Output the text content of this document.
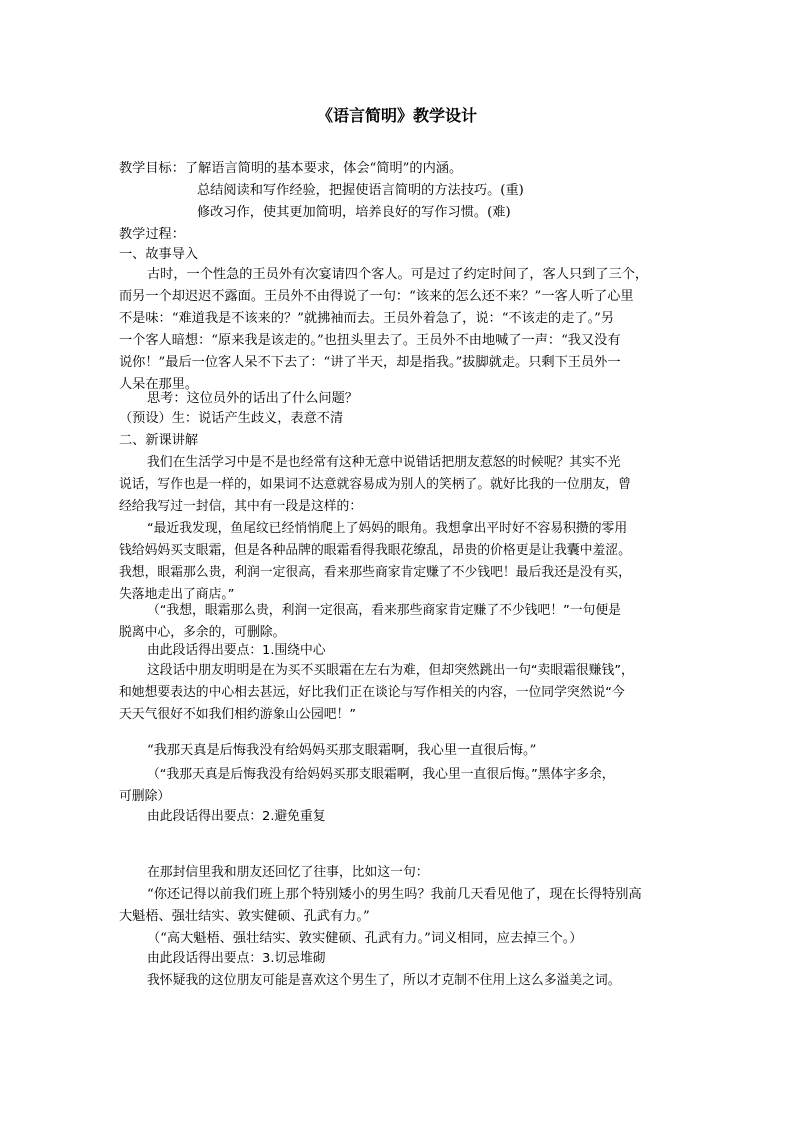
《语言简明》教学设计
教学目标：了解语言简明的基本要求，体会“简明”的内涵。
总结阅读和写作经验，把握使语言简明的方法技巧。(重)
修改习作，使其更加简明，培养良好的写作习惯。(难)
教学过程：
一、故事导入
古时，一个性急的王员外有次宴请四个客人。可是过了约定时间了，客人只到了三个，
而另一个却迟迟不露面。王员外不由得说了一句：“该来的怎么还不来？”一客人听了心里
不是味：“难道我是不该来的？”就拂袖而去。王员外着急了，说：“不该走的走了。”另
一个客人暗想：“原来我是该走的。”也扭头里去了。王员外不由地喊了一声：“我又没有
说你！”最后一位客人呆不下去了：“讲了半天，却是指我。”拔脚就走。只剩下王员外一
人呆在那里。
思考：这位员外的话出了什么问题？
（预设）生：说话产生歧义，表意不清
二、新课讲解
我们在生活学习中是不是也经常有这种无意中说错话把朋友惹怒的时候呢？其实不光
说话，写作也是一样的，如果词不达意就容易成为别人的笑柄了。就好比我的一位朋友，曾
经给我写过一封信，其中有一段是这样的：
“最近我发现，鱼尾纹已经悄悄爬上了妈妈的眼角。我想拿出平时好不容易积攒的零用
钱给妈妈买支眼霜，但是各种品牌的眼霜看得我眼花缭乱，昂贵的价格更是让我囊中羞涩。
我想，眼霜那么贵，利润一定很高，看来那些商家肯定赚了不少钱吧！最后我还是没有买，
失落地走出了商店。”
（“我想，眼霜那么贵，利润一定很高，看来那些商家肯定赚了不少钱吧！”一句便是
脱离中心，多余的，可删除。
由此段话得出要点：1.围绕中心
这段话中朋友明明是在为买不买眼霜在左右为难，但却突然跳出一句“卖眼霜很赚钱”，
和她想要表达的中心相去甚远，好比我们正在谈论与写作相关的内容，一位同学突然说“今
天天气很好不如我们相约游象山公园吧！”
“我那天真是后悔我没有给妈妈买那支眼霜啊，我心里一直很后悔。”
（“我那天真是后悔我没有给妈妈买那支眼霜啊，我心里一直很后悔。”黑体字多余，
可删除）
由此段话得出要点：2.避免重复
在那封信里我和朋友还回忆了往事，比如这一句：
“你还记得以前我们班上那个特别矮小的男生吗？我前几天看见他了，现在长得特别高
大魁梧、强壮结实、敦实健硕、孔武有力。”
（“高大魁梧、强壮结实、敦实健硕、孔武有力。”词义相同，应去掉三个。）
由此段话得出要点：3.切忌堆砌
我怀疑我的这位朋友可能是喜欢这个男生了，所以才克制不住用上这么多溢美之词。
